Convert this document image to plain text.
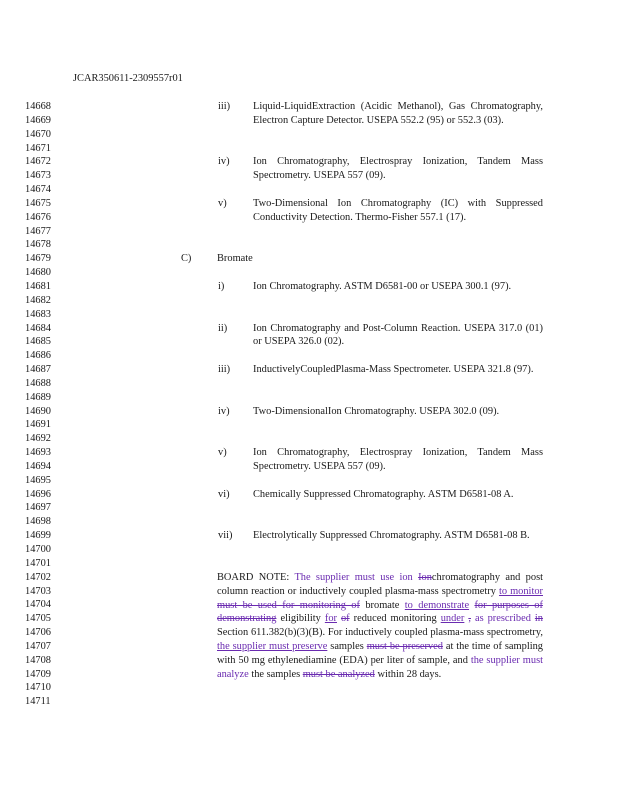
JCAR350611-2309557r01
14668
14669
14670
14671
14672
14673
14674
14675
14676
14677
14678
14679
14680
14681
14682
14683
14684
14685
14686
14687
14688
14689
14690
14691
14692
14693
14694
14695
14696
14697
14698
14699
14700
14701
14702
14703
14704
14705
14706
14707
14708
14709
14710
14711
iii) Liquid-LiquidExtraction (Acidic Methanol), Gas Chromatography, Electron Capture Detector. USEPA 552.2 (95) or 552.3 (03).
iv) Ion Chromatography, Electrospray Ionization, Tandem Mass Spectrometry. USEPA 557 (09).
v)	Two-Dimensional Ion Chromatography (IC) with Suppressed Conductivity Detection. Thermo-Fisher 557.1 (17).
C) Bromate
i)	Ion Chromatography. ASTM D6581-00 or USEPA 300.1 (97).
ii) Ion Chromatography and Post-Column Reaction. USEPA 317.0 (01) or USEPA 326.0 (02).
iii) InductivelyCoupledPlasma-Mass Spectrometer. USEPA 321.8 (97).
iv) Two-DimensionalIon Chromatography. USEPA 302.0 (09).
v)	Ion Chromatography, Electrospray Ionization, Tandem Mass Spectrometry. USEPA 557 (09).
vi) Chemically Suppressed Chromatography. ASTM D6581-08 A.
vii) Electrolytically Suppressed Chromatography. ASTM D6581-08 B.
BOARD NOTE: The supplier must use ion Ionchromatography and post column reaction or inductively coupled plasma-mass spectrometry to monitor must be used for monitoring of bromate to demonstrate for purposes of demonstrating eligibility for of reduced monitoring under , as prescribed in Section 611.382(b)(3)(B). For inductively coupled plasma-mass spectrometry, the supplier must preserve samples must be preserved at the time of sampling with 50 mg ethylenediamine (EDA) per liter of sample, and the supplier must analyze the samples must be analyzed within 28 days.
